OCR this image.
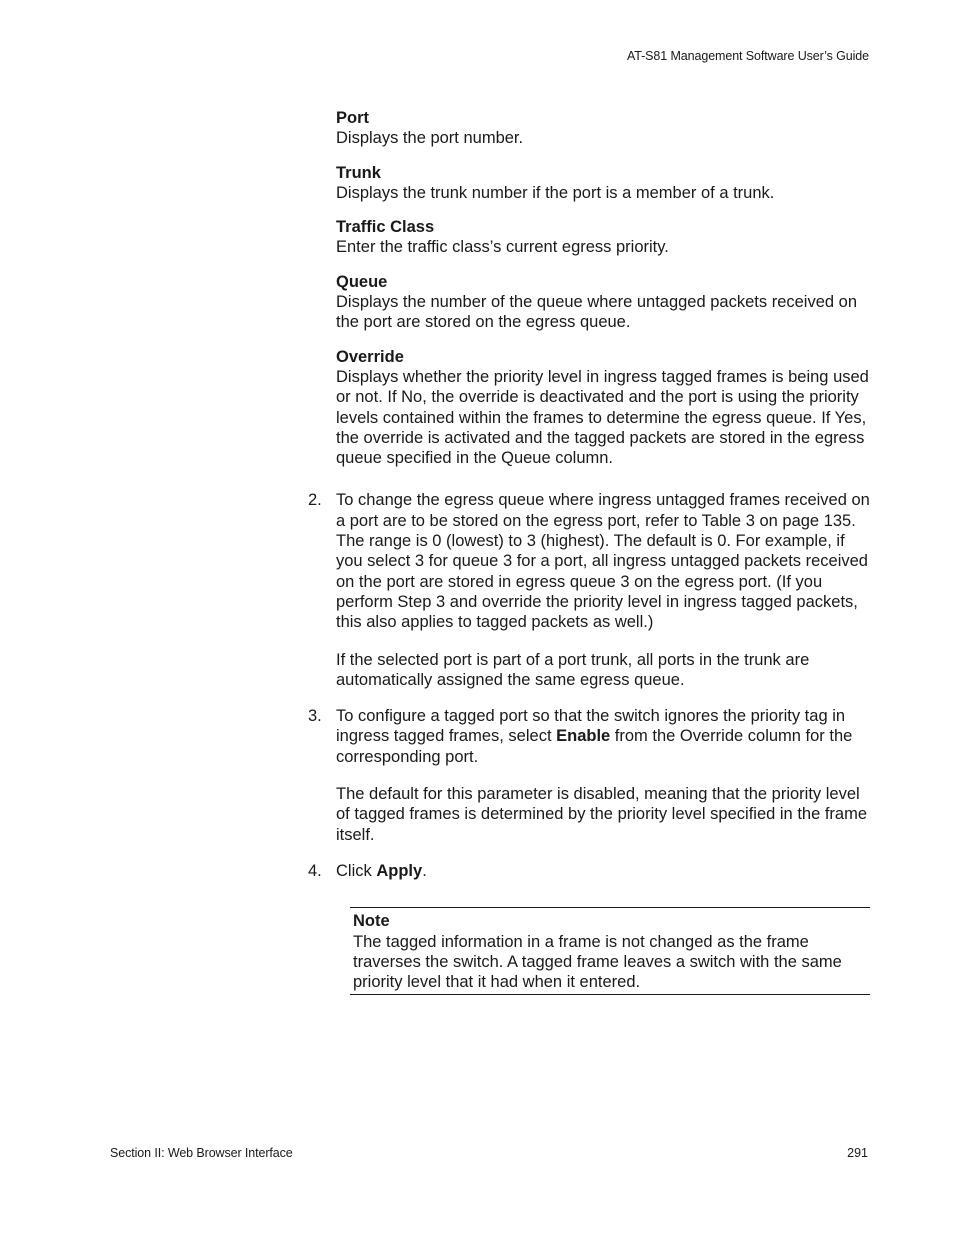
AT-S81 Management Software User’s Guide
Port
Displays the port number.
Trunk
Displays the trunk number if the port is a member of a trunk.
Traffic Class
Enter the traffic class’s current egress priority.
Queue
Displays the number of the queue where untagged packets received on the port are stored on the egress queue.
Override
Displays whether the priority level in ingress tagged frames is being used or not. If No, the override is deactivated and the port is using the priority levels contained within the frames to determine the egress queue. If Yes, the override is activated and the tagged packets are stored in the egress queue specified in the Queue column.
2. To change the egress queue where ingress untagged frames received on a port are to be stored on the egress port, refer to Table 3 on page 135. The range is 0 (lowest) to 3 (highest). The default is 0. For example, if you select 3 for queue 3 for a port, all ingress untagged packets received on the port are stored in egress queue 3 on the egress port. (If you perform Step 3 and override the priority level in ingress tagged packets, this also applies to tagged packets as well.)

If the selected port is part of a port trunk, all ports in the trunk are automatically assigned the same egress queue.

3. To configure a tagged port so that the switch ignores the priority tag in ingress tagged frames, select Enable from the Override column for the corresponding port.

The default for this parameter is disabled, meaning that the priority level of tagged frames is determined by the priority level specified in the frame itself.

4. Click Apply.

Note
The tagged information in a frame is not changed as the frame traverses the switch. A tagged frame leaves a switch with the same priority level that it had when it entered.
Section II: Web Browser Interface	291
